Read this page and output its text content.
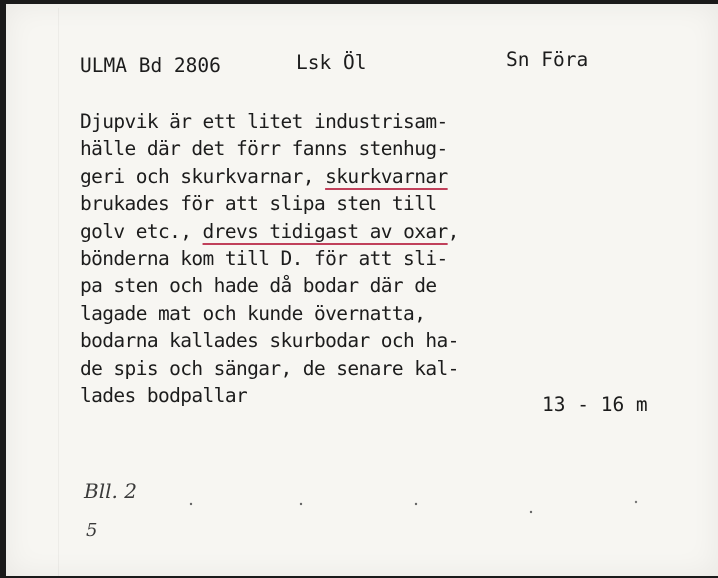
ULMA Bd 2806	Lsk Öl	Sn Föra
Djupvik är ett litet industrisam-
hälle där det förr fanns stenhug-
geri och skurkvarnar, skurkvarnar
brukades för att slipa sten till
golv etc., drevs tidigast av oxar,
bönderna kom till D. för att sli-
pa sten och hade då bodar där de
lagade mat och kunde övernatta,
bodarna kallades skurbodar och ha-
de spis och sängar, de senare kal-
lades bodpallar	13 - 16 m
Bll. 2
5
